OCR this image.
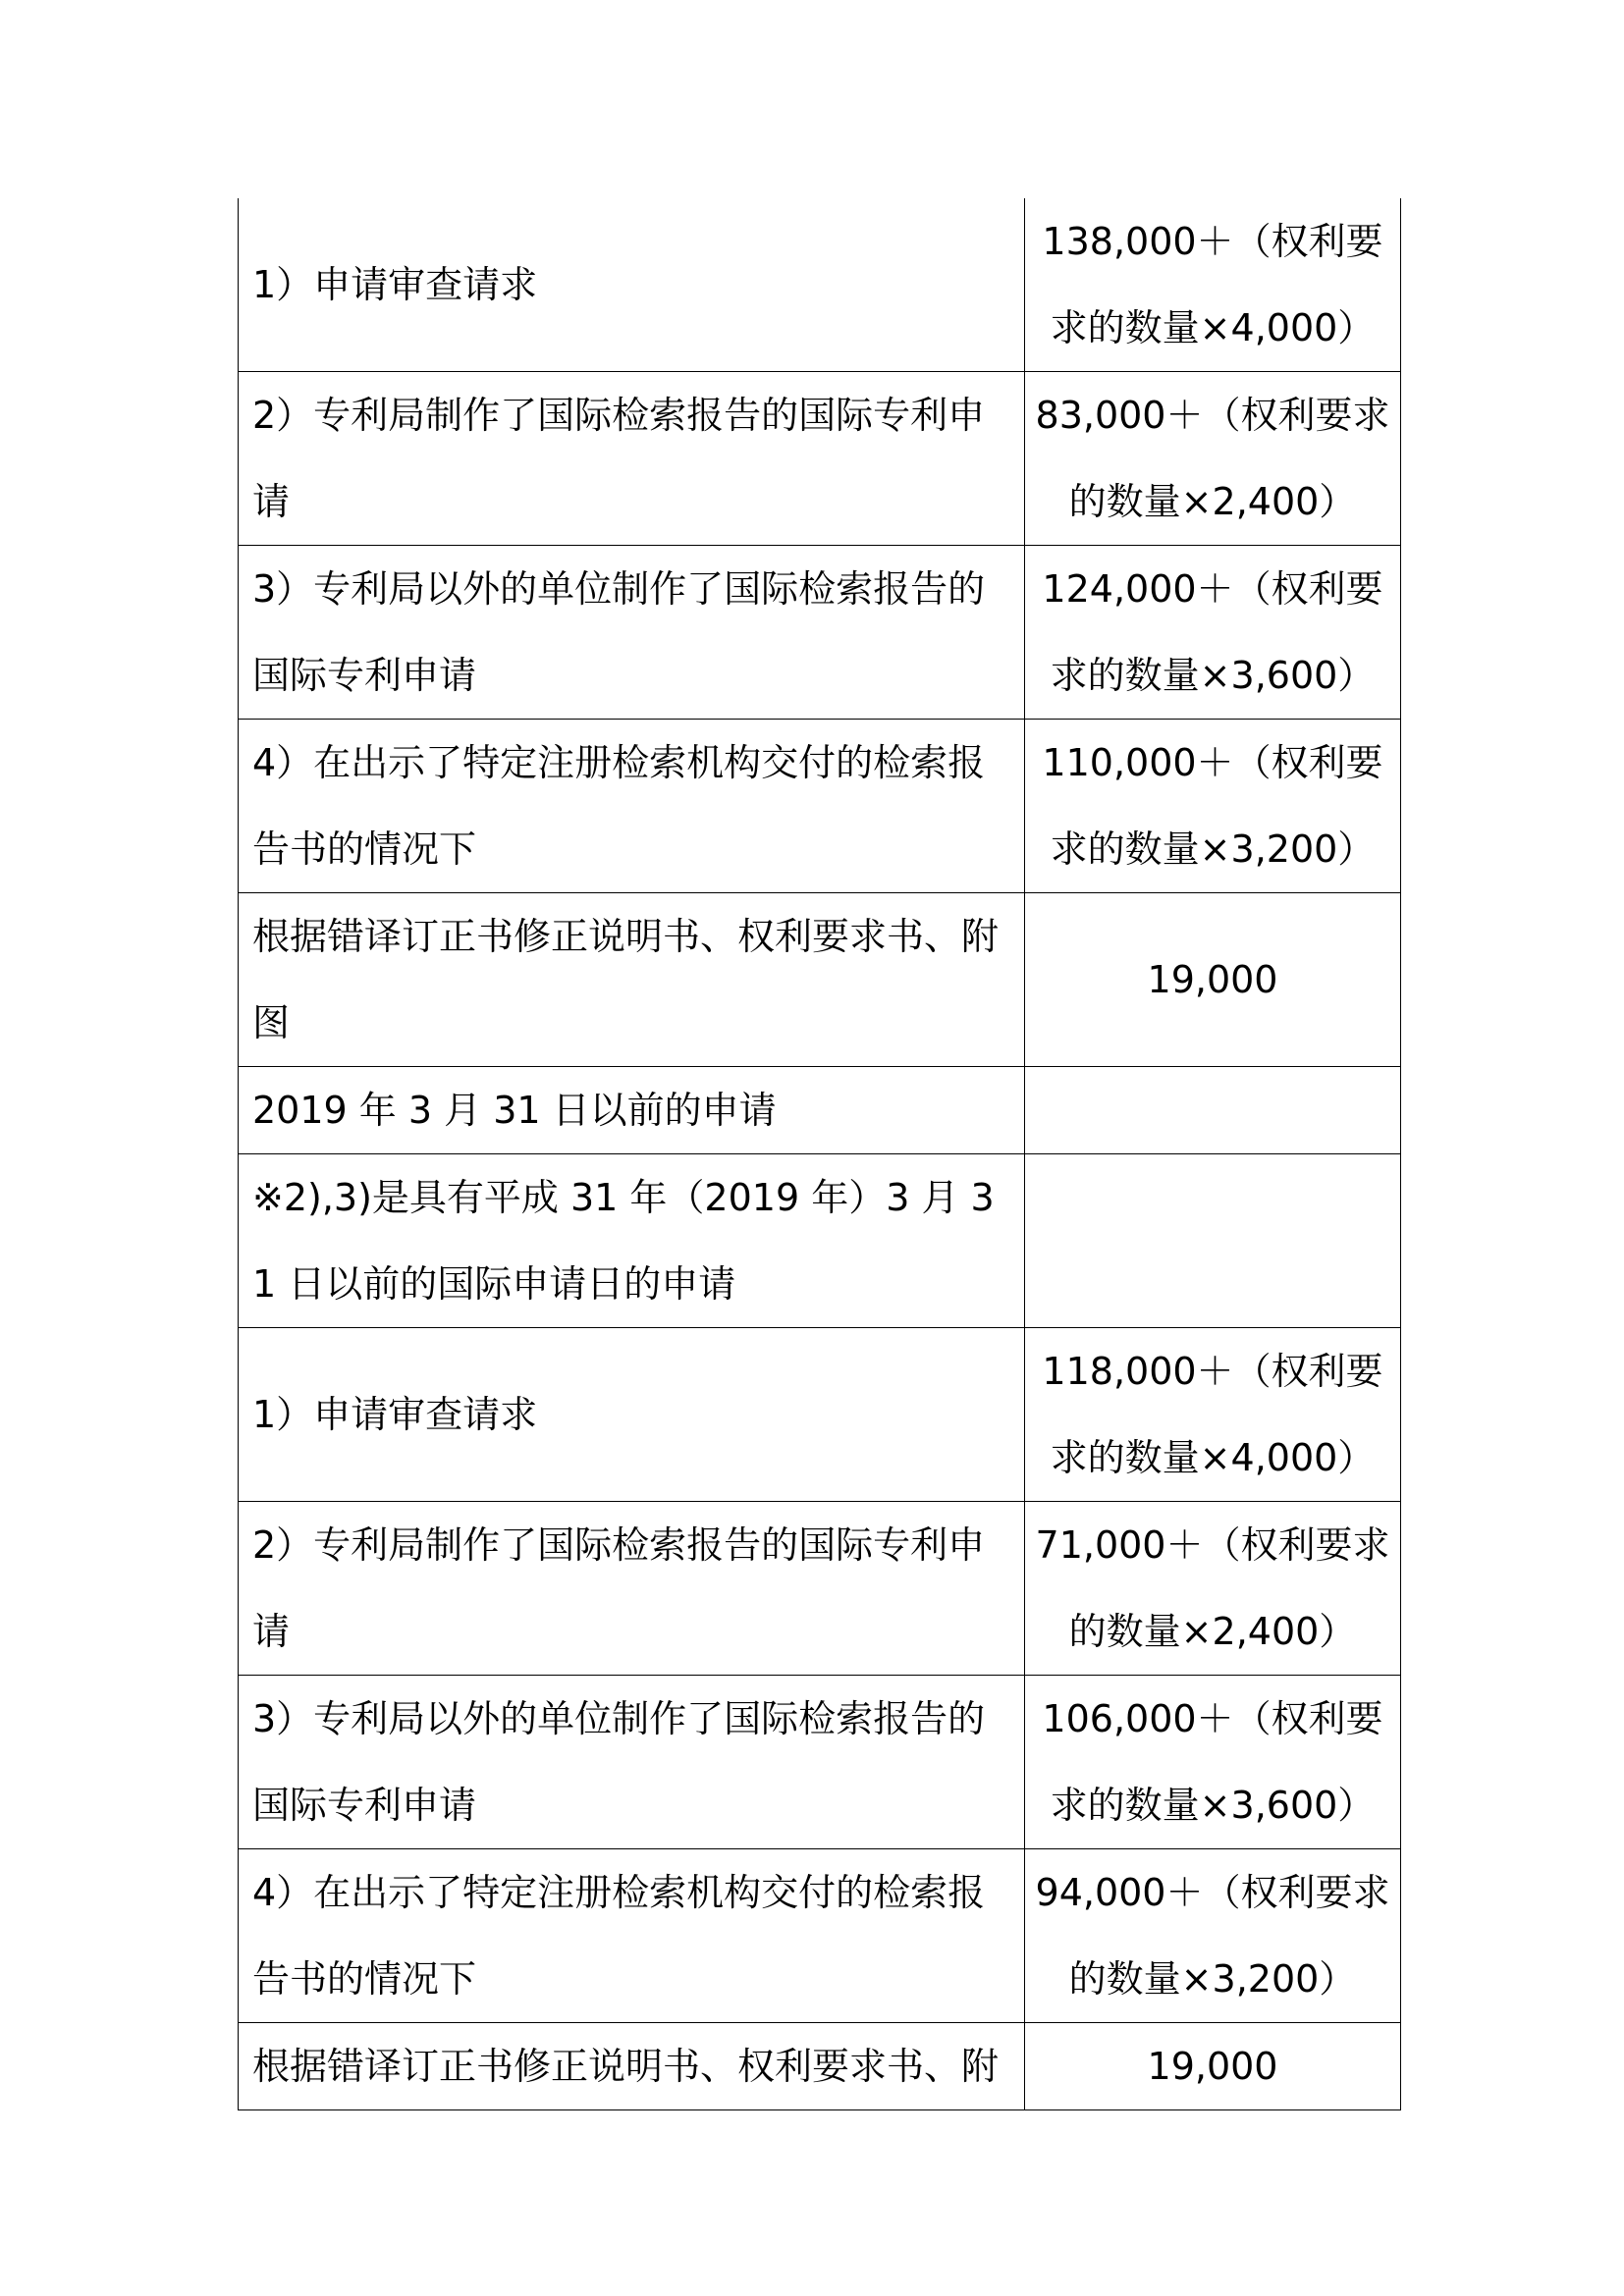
1）申请审查请求	138,000＋（权利要求的数量×4,000）
2）专利局制作了国际检索报告的国际专利申请	83,000＋（权利要求的数量×2,400）
3）专利局以外的单位制作了国际检索报告的国际专利申请	124,000＋（权利要求的数量×3,600）
4）在出示了特定注册检索机构交付的检索报告书的情况下	110,000＋（权利要求的数量×3,200）
根据错译订正书修正说明书、权利要求书、附图	19,000
2019 年 3 月 31 日以前的申请	
※2),3)是具有平成 31 年（2019 年）3 月 31 日以前的国际申请日的申请	
1）申请审查请求	118,000＋（权利要求的数量×4,000）
2）专利局制作了国际检索报告的国际专利申请	71,000＋（权利要求的数量×2,400）
3）专利局以外的单位制作了国际检索报告的国际专利申请	106,000＋（权利要求的数量×3,600）
4）在出示了特定注册检索机构交付的检索报告书的情况下	94,000＋（权利要求的数量×3,200）
根据错译订正书修正说明书、权利要求书、附	19,000
